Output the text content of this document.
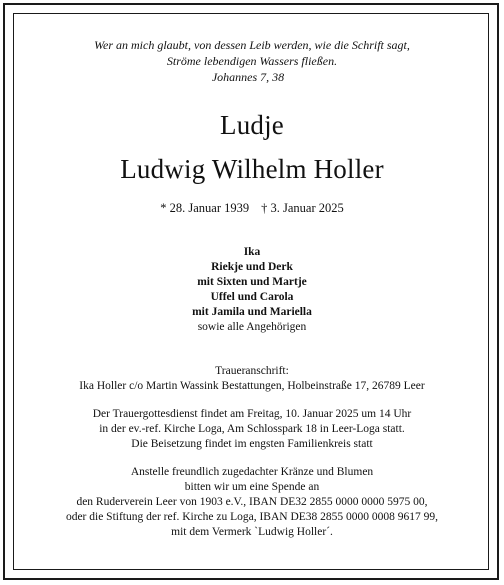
Wer an mich glaubt, von dessen Leib werden, wie die Schrift sagt,
Ströme lebendigen Wassers fließen.
Johannes 7, 38
Ludje
Ludwig Wilhelm Holler
* 28. Januar 1939 † 3. Januar 2025
Ika
Riekje und Derk
mit Sixten und Martje
Uffel und Carola
mit Jamila und Mariella
sowie alle Angehörigen
Traueranschrift:
Ika Holler c/o Martin Wassink Bestattungen, Holbeinstraße 17, 26789 Leer
Der Trauergottesdienst findet am Freitag, 10. Januar 2025 um 14 Uhr
in der ev.-ref. Kirche Loga, Am Schlosspark 18 in Leer-Loga statt.
Die Beisetzung findet im engsten Familienkreis statt
Anstelle freundlich zugedachter Kränze und Blumen
bitten wir um eine Spende an
den Ruderverein Leer von 1903 e.V., IBAN DE32 2855 0000 0000 5975 00,
oder die Stiftung der ref. Kirche zu Loga, IBAN DE38 2855 0000 0008 9617 99,
mit dem Vermerk `Ludwig Holler´.
